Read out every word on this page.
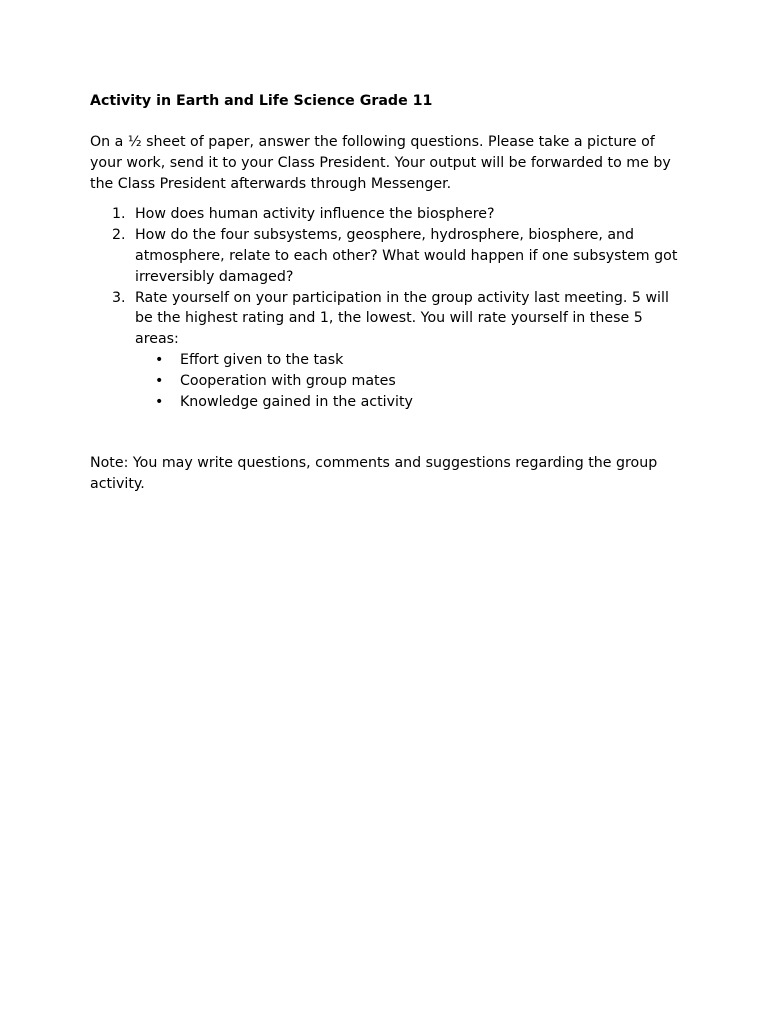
Activity in Earth and Life Science Grade 11

On a ½ sheet of paper, answer the following questions. Please take a picture of your work, send it to your Class President. Your output will be forwarded to me by the Class President afterwards through Messenger.

1. How does human activity influence the biosphere?
2. How do the four subsystems, geosphere, hydrosphere, biosphere, and atmosphere, relate to each other? What would happen if one subsystem got irreversibly damaged?
3. Rate yourself on your participation in the group activity last meeting. 5 will be the highest rating and 1, the lowest. You will rate yourself in these 5 areas:
• Effort given to the task
• Cooperation with group mates
• Knowledge gained in the activity

Note: You may write questions, comments and suggestions regarding the group activity.
